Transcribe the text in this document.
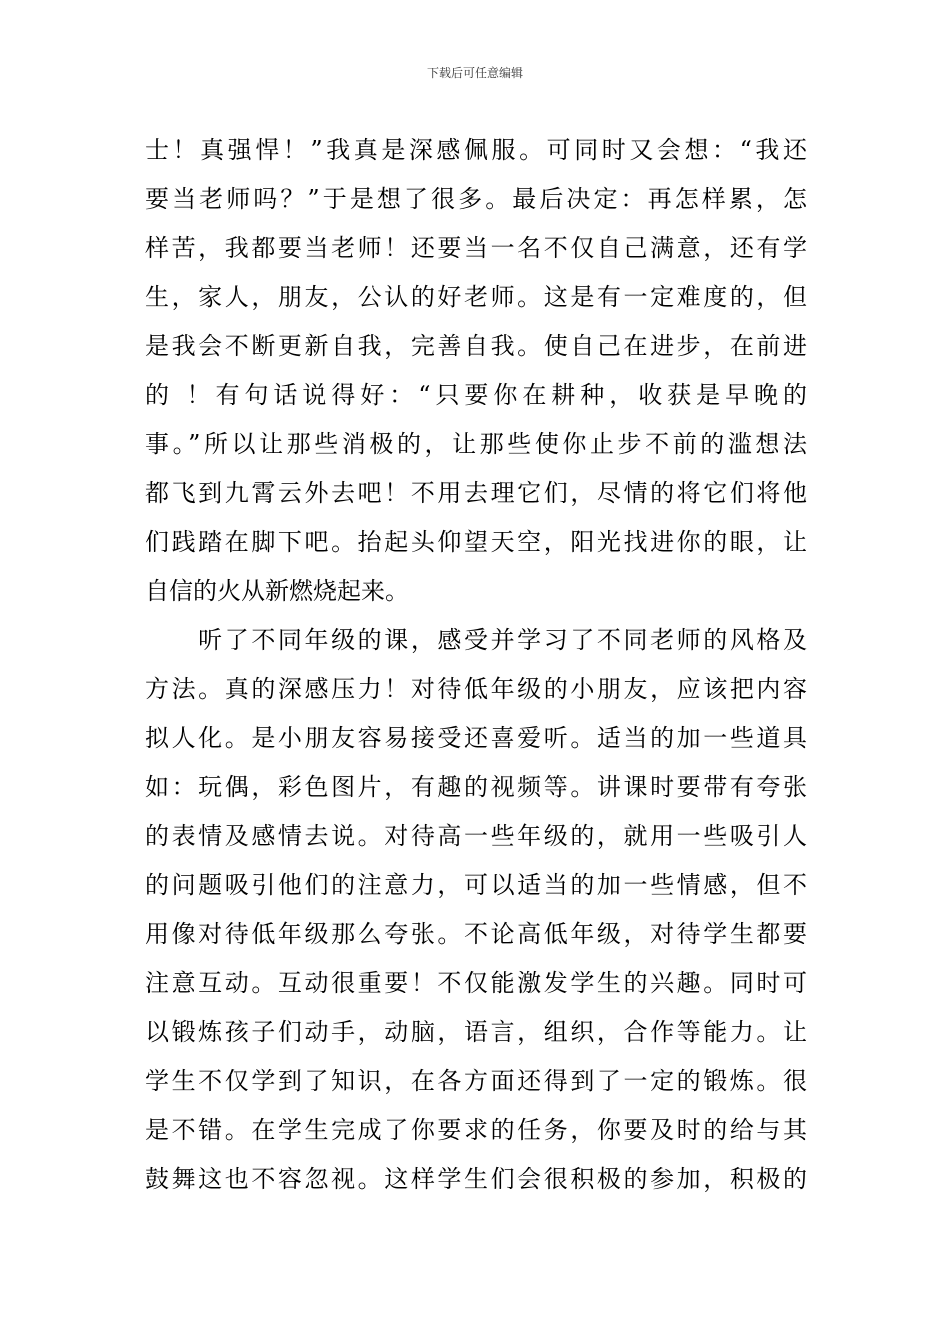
下载后可任意编辑
士！真强悍！”我真是深感佩服。可同时又会想：“我还
要当老师吗？”于是想了很多。最后决定：再怎样累，怎
样苦，我都要当老师！还要当一名不仅自己满意，还有学
生，家人，朋友，公认的好老师。这是有一定难度的，但
是我会不断更新自我，完善自我。使自己在进步，在前进
的 ！有句话说得好：“只要你在耕种，收获是早晚的
事。”所以让那些消极的，让那些使你止步不前的滥想法
都飞到九霄云外去吧！不用去理它们，尽情的将它们将他
们践踏在脚下吧。抬起头仰望天空，阳光找进你的眼，让
自信的火从新燃烧起来。
　　听了不同年级的课，感受并学习了不同老师的风格及
方法。真的深感压力！对待低年级的小朋友，应该把内容
拟人化。是小朋友容易接受还喜爱听。适当的加一些道具
如：玩偶，彩色图片，有趣的视频等。讲课时要带有夸张
的表情及感情去说。对待高一些年级的，就用一些吸引人
的问题吸引他们的注意力，可以适当的加一些情感，但不
用像对待低年级那么夸张。不论高低年级，对待学生都要
注意互动。互动很重要！不仅能激发学生的兴趣。同时可
以锻炼孩子们动手，动脑，语言，组织，合作等能力。让
学生不仅学到了知识，在各方面还得到了一定的锻炼。很
是不错。在学生完成了你要求的任务，你要及时的给与其
鼓舞这也不容忽视。这样学生们会很积极的参加，积极的
